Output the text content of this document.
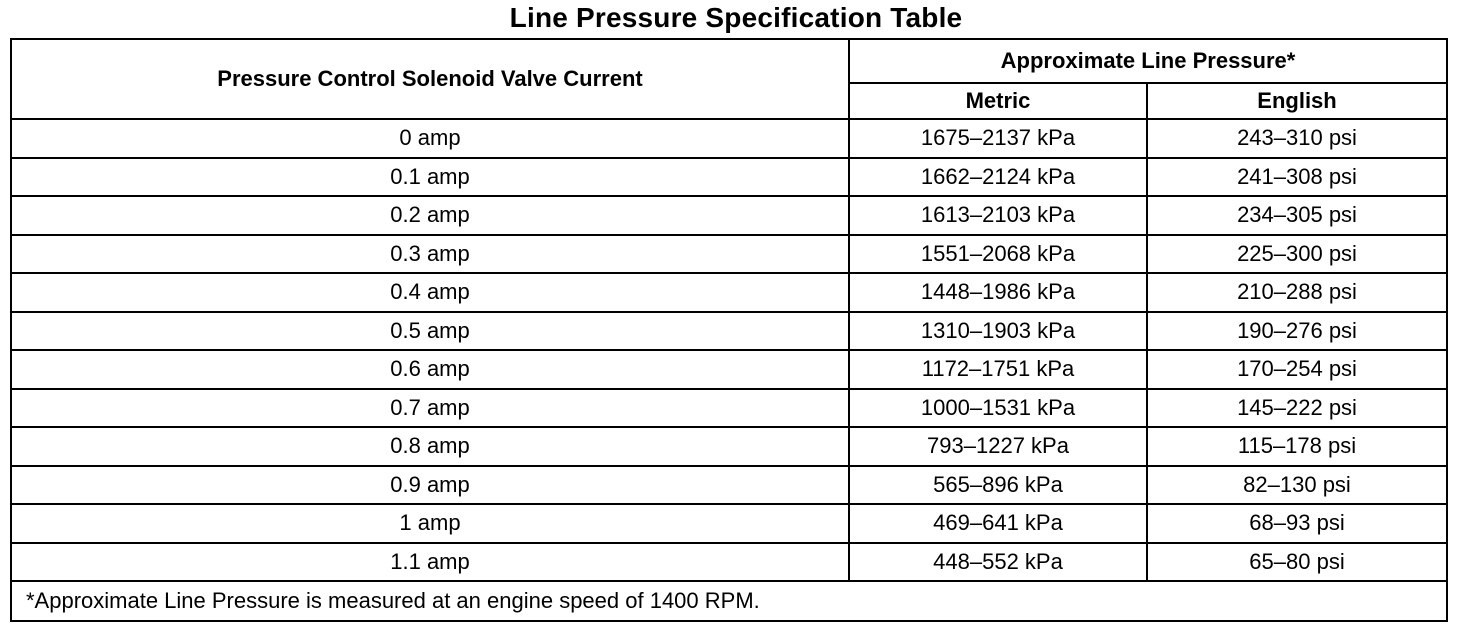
Line Pressure Specification Table
Pressure Control Solenoid Valve Current	Approximate Line Pressure*	
	Metric	English
0 amp	1675–2137 kPa	243–310 psi
0.1 amp	1662–2124 kPa	241–308 psi
0.2 amp	1613–2103 kPa	234–305 psi
0.3 amp	1551–2068 kPa	225–300 psi
0.4 amp	1448–1986 kPa	210–288 psi
0.5 amp	1310–1903 kPa	190–276 psi
0.6 amp	1172–1751 kPa	170–254 psi
0.7 amp	1000–1531 kPa	145–222 psi
0.8 amp	793–1227 kPa	115–178 psi
0.9 amp	565–896 kPa	82–130 psi
1 amp	469–641 kPa	68–93 psi
1.1 amp	448–552 kPa	65–80 psi
*Approximate Line Pressure is measured at an engine speed of 1400 RPM.		
